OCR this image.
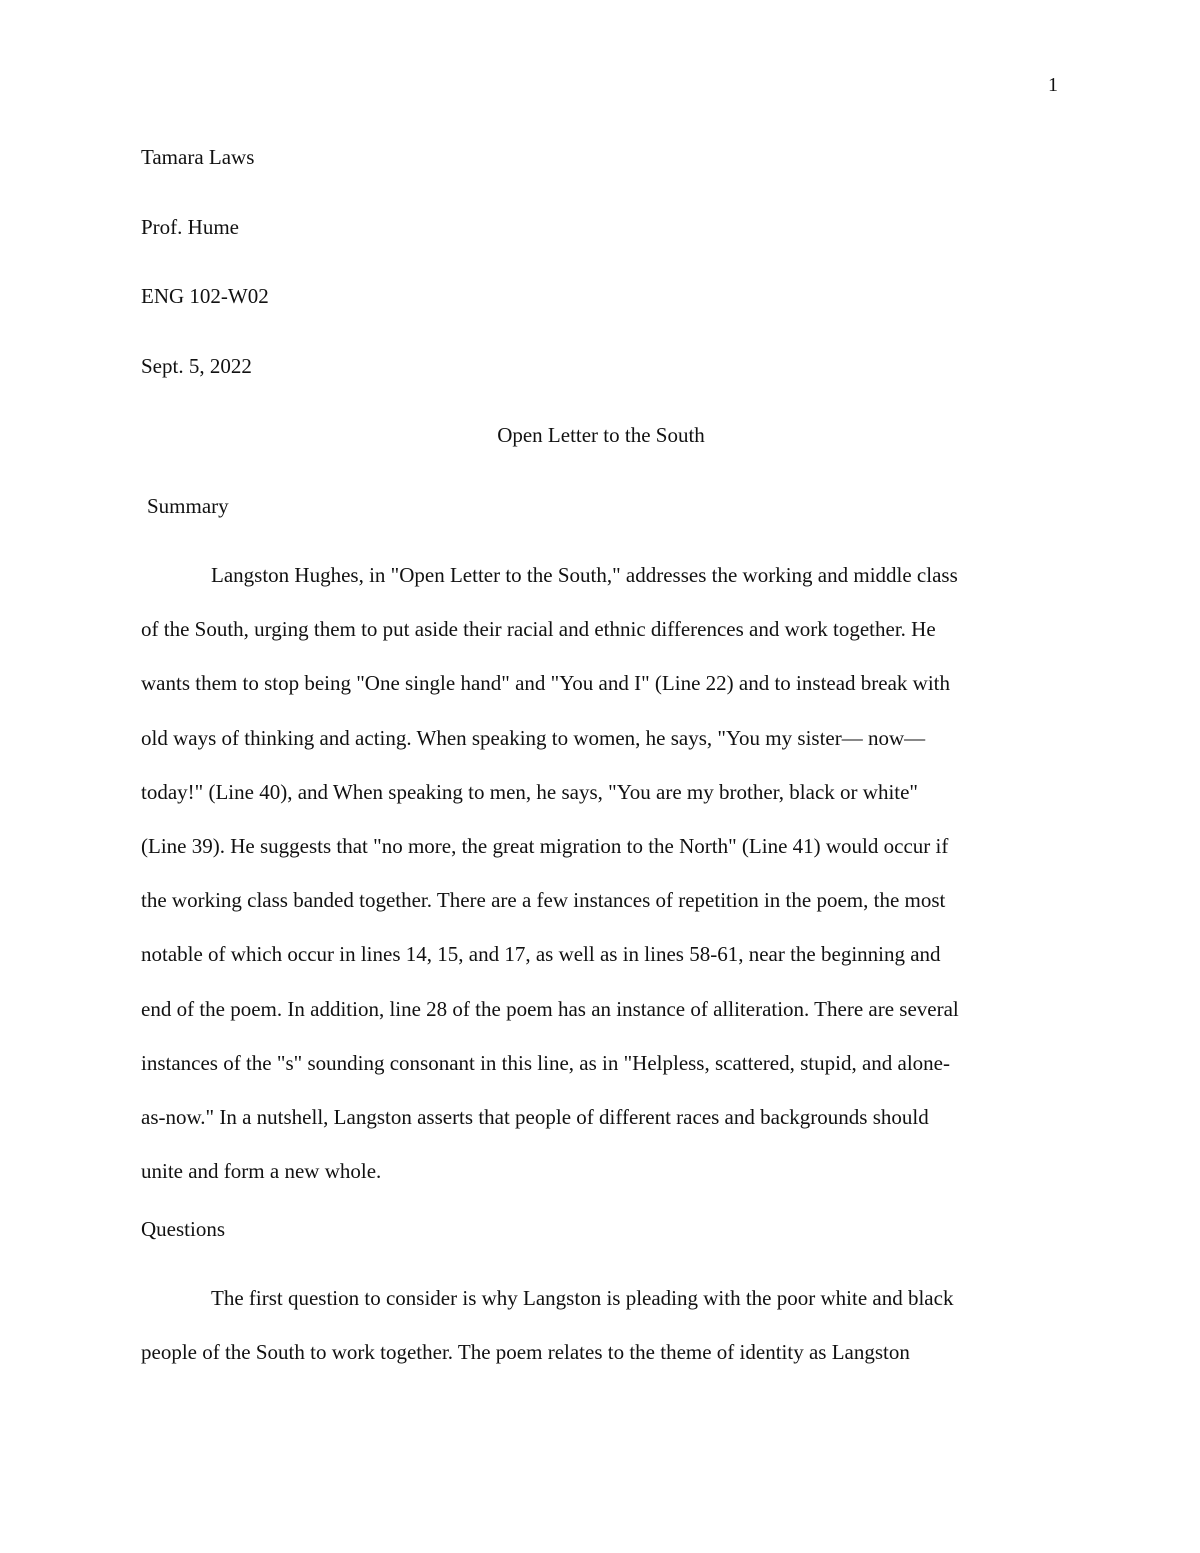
1
Tamara Laws
Prof. Hume
ENG 102-W02
Sept. 5, 2022
Open Letter to the South
Summary
Langston Hughes, in "Open Letter to the South," addresses the working and middle class
of the South, urging them to put aside their racial and ethnic differences and work together. He
wants them to stop being "One single hand" and "You and I" (Line 22) and to instead break with
old ways of thinking and acting. When speaking to women, he says, "You my sister— now—
today!" (Line 40), and When speaking to men, he says, "You are my brother, black or white"
(Line 39). He suggests that "no more, the great migration to the North" (Line 41) would occur if
the working class banded together. There are a few instances of repetition in the poem, the most
notable of which occur in lines 14, 15, and 17, as well as in lines 58-61, near the beginning and
end of the poem. In addition, line 28 of the poem has an instance of alliteration. There are several
instances of the "s" sounding consonant in this line, as in "Helpless, scattered, stupid, and alone-
as-now." In a nutshell, Langston asserts that people of different races and backgrounds should
unite and form a new whole.
Questions
The first question to consider is why Langston is pleading with the poor white and black
people of the South to work together. The poem relates to the theme of identity as Langston
